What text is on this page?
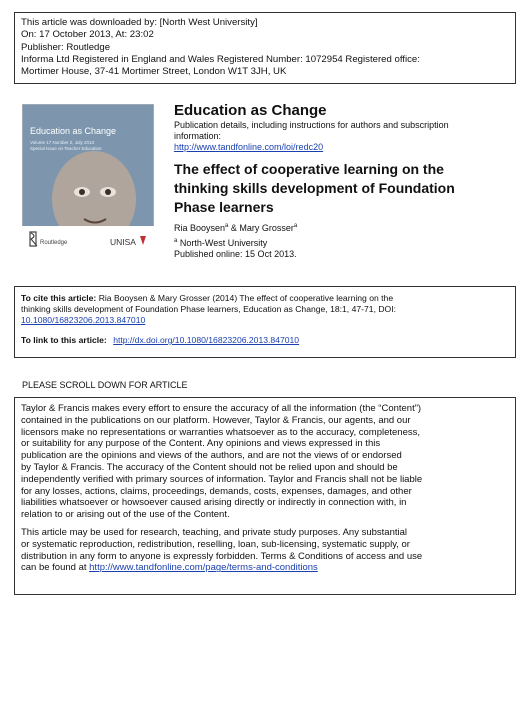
This article was downloaded by: [North West University]
On: 17 October 2013, At: 23:02
Publisher: Routledge
Informa Ltd Registered in England and Wales Registered Number: 1072954 Registered office:
Mortimer House, 37-41 Mortimer Street, London W1T 3JH, UK
Education as Change
Volume 17 Number 2, July 2013
Special Issue on Teacher Education
Routledge	UNISA
Education as Change
Publication details, including instructions for authors and subscription
information:
http://www.tandfonline.com/loi/redc20
The effect of cooperative learning on the
thinking skills development of Foundation
Phase learners
Ria Booysen$^a$ & Mary Grosser$^a$
$^a$ North-West University
Published online: 15 Oct 2013.
To cite this article: Ria Booysen & Mary Grosser (2014) The effect of cooperative learning on the
thinking skills development of Foundation Phase learners, Education as Change, 18:1, 47-71, DOI:
10.1080/16823206.2013.847010
To link to this article: http://dx.doi.org/10.1080/16823206.2013.847010
PLEASE SCROLL DOWN FOR ARTICLE
Taylor & Francis makes every effort to ensure the accuracy of all the information (the “Content”)
contained in the publications on our platform. However, Taylor & Francis, our agents, and our
licensors make no representations or warranties whatsoever as to the accuracy, completeness,
or suitability for any purpose of the Content. Any opinions and views expressed in this
publication are the opinions and views of the authors, and are not the views of or endorsed
by Taylor & Francis. The accuracy of the Content should not be relied upon and should be
independently verified with primary sources of information. Taylor and Francis shall not be liable
for any losses, actions, claims, proceedings, demands, costs, expenses, damages, and other
liabilities whatsoever or howsoever caused arising directly or indirectly in connection with, in
relation to or arising out of the use of the Content.
This article may be used for research, teaching, and private study purposes. Any substantial
or systematic reproduction, redistribution, reselling, loan, sub-licensing, systematic supply, or
distribution in any form to anyone is expressly forbidden. Terms & Conditions of access and use
can be found at http://www.tandfonline.com/page/terms-and-conditions
